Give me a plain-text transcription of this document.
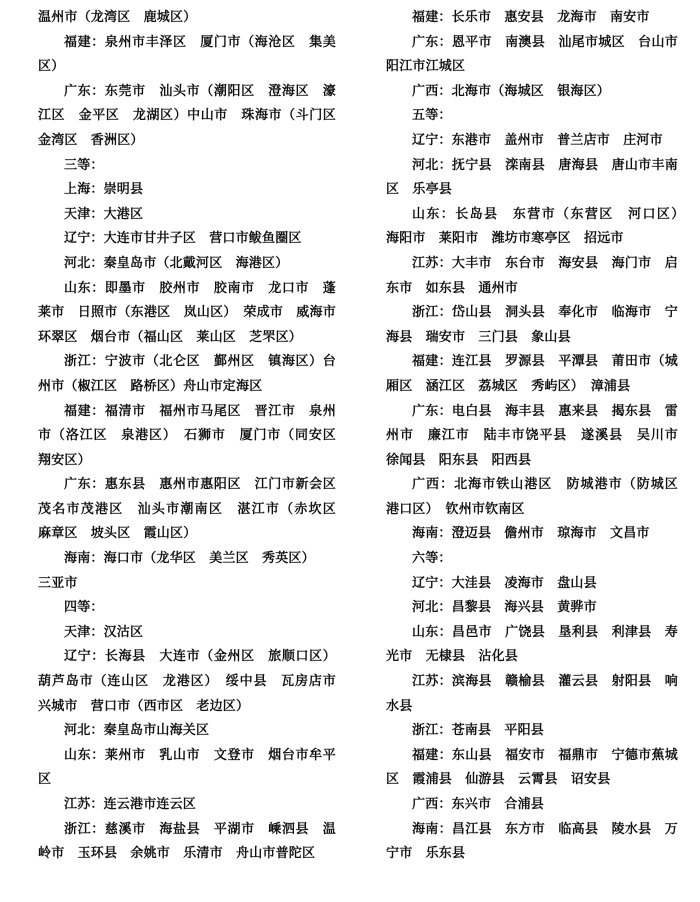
温州市（龙湾区　鹿城区）

福建：泉州市丰泽区　厦门市（海沧区　集美区）

广东：东莞市　汕头市（潮阳区　澄海区　濠江区　金平区　龙湖区）中山市　珠海市（斗门区　金湾区　香洲区）

三等：

上海：崇明县

天津：大港区

辽宁：大连市甘井子区　营口市鲅鱼圈区

河北：秦皇岛市（北戴河区　海港区）

山东：即墨市　胶州市　胶南市　龙口市　蓬莱市　日照市（东港区　岚山区）　荣成市　威海市环翠区　烟台市（福山区　莱山区　芝罘区）

浙江：宁波市（北仑区　鄞州区　镇海区）台州市（椒江区　路桥区）舟山市定海区

福建：福清市　福州市马尾区　晋江市　泉州市（洛江区　泉港区）　石狮市　厦门市（同安区　翔安区）

广东：惠东县　惠州市惠阳区　江门市新会区　茂名市茂港区　汕头市潮南区　湛江市（赤坎区　麻章区　坡头区　霞山区）

海南：海口市（龙华区　美兰区　秀英区）

三亚市

四等：

天津：汉沽区

辽宁：长海县　大连市（金州区　旅顺口区）葫芦岛市（连山区　龙港区）　绥中县　瓦房店市　兴城市　营口市（西市区　老边区）

河北：秦皇岛市山海关区

山东：莱州市　乳山市　文登市　烟台市牟平区

江苏：连云港市连云区

浙江：慈溪市　海盐县　平湖市　嵊泗县　温岭市　玉环县　余姚市　乐清市　舟山市普陀区

福建：长乐市　惠安县　龙海市　南安市

广东：恩平市　南澳县　汕尾市城区　台山市　阳江市江城区

广西：北海市（海城区　银海区）

五等：

辽宁：东港市　盖州市　普兰店市　庄河市

河北：抚宁县　滦南县　唐海县　唐山市丰南区　乐亭县

山东：长岛县　东营市（东营区　河口区）　海阳市　莱阳市　潍坊市寒亭区　招远市

江苏：大丰市　东台市　海安县　海门市　启东市　如东县　通州市

浙江：岱山县　洞头县　奉化市　临海市　宁海县　瑞安市　三门县　象山县

福建：连江县　罗源县　平潭县　莆田市（城厢区　涵江区　荔城区　秀屿区）　漳浦县

广东：电白县　海丰县　惠来县　揭东县　雷州市　廉江市　陆丰市饶平县　遂溪县　吴川市　徐闻县　阳东县　阳西县

广西：北海市铁山港区　防城港市（防城区　港口区）　钦州市钦南区

海南：澄迈县　儋州市　琼海市　文昌市

六等：

辽宁：大洼县　凌海市　盘山县

河北：昌黎县　海兴县　黄骅市

山东：昌邑市　广饶县　垦利县　利津县　寿光市　无棣县　沾化县

江苏：滨海县　赣榆县　灌云县　射阳县　响水县

浙江：苍南县　平阳县

福建：东山县　福安市　福鼎市　宁德市蕉城区　霞浦县　仙游县　云霄县　诏安县

广西：东兴市　合浦县

海南：昌江县　东方市　临高县　陵水县　万宁市　乐东县
